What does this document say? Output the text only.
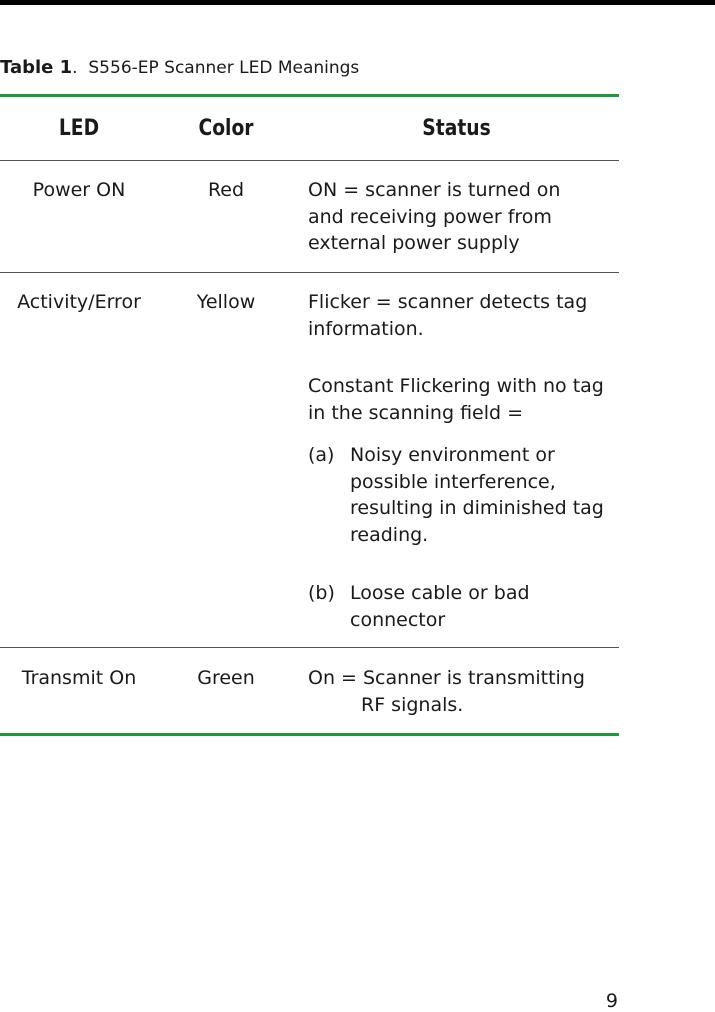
Table 1. S556-EP Scanner LED Meanings
LED	Color	Status
Power ON	Red	ON = scanner is turned on
and receiving power from
external power supply
Activity/Error	Yellow	Flicker = scanner detects tag
information.
Constant Flickering with no tag
in the scanning field =
(a) Noisy environment or
possible interference,
resulting in diminished tag
reading.
(b) Loose cable or bad
connector
Transmit On	Green	On = Scanner is transmitting
RF signals.
9
